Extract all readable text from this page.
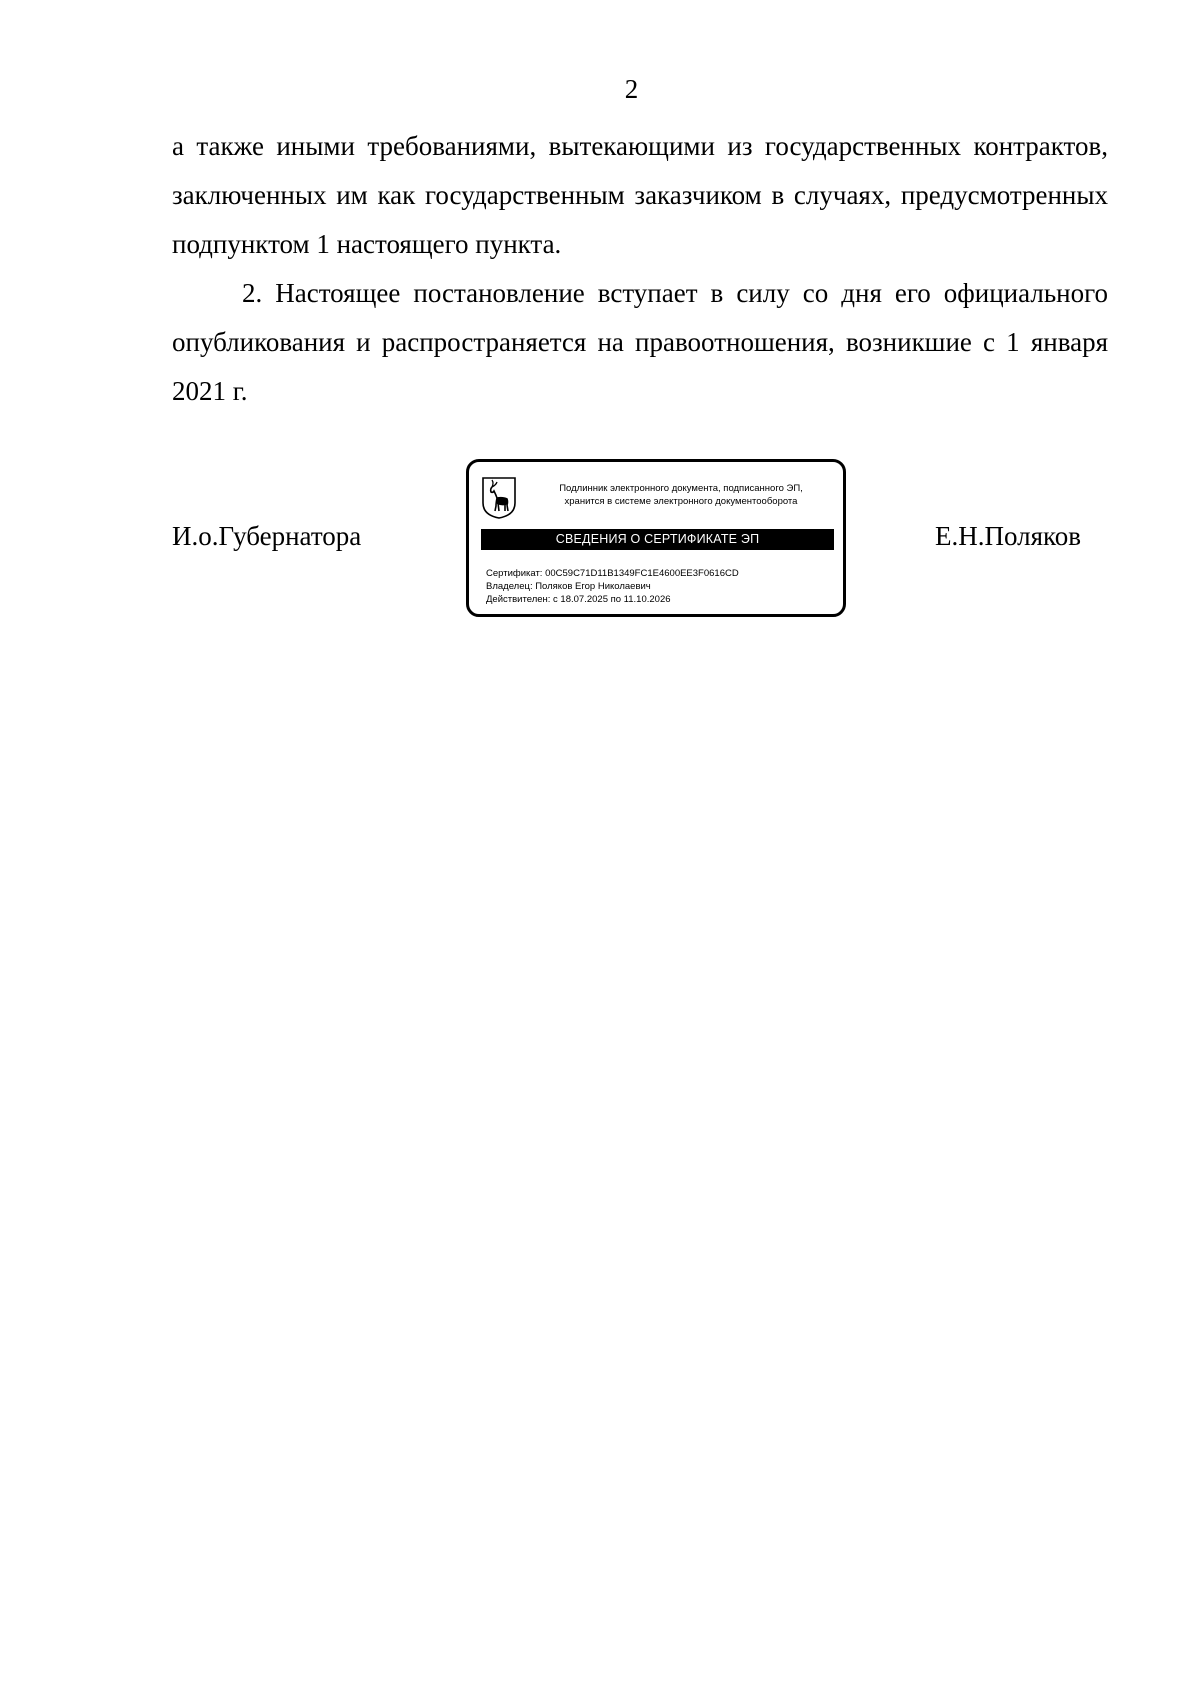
2

а также иными требованиями, вытекающими из государственных контрактов, заключенных им как государственным заказчиком в случаях, предусмотренных подпунктом 1 настоящего пункта.

2. Настоящее постановление вступает в силу со дня его официального опубликования и распространяется на правоотношения, возникшие с 1 января 2021 г.

И.о.Губернатора
Подлинник электронного документа, подписанного ЭП,
хранится в системе электронного документооборота
СВЕДЕНИЯ О СЕРТИФИКАТЕ ЭП
Сертификат: 00C59C71D11B1349FC1E4600EE3F0616CD
Владелец: Поляков Егор Николаевич
Действителен: с 18.07.2025 по 11.10.2026
Е.Н.Поляков
